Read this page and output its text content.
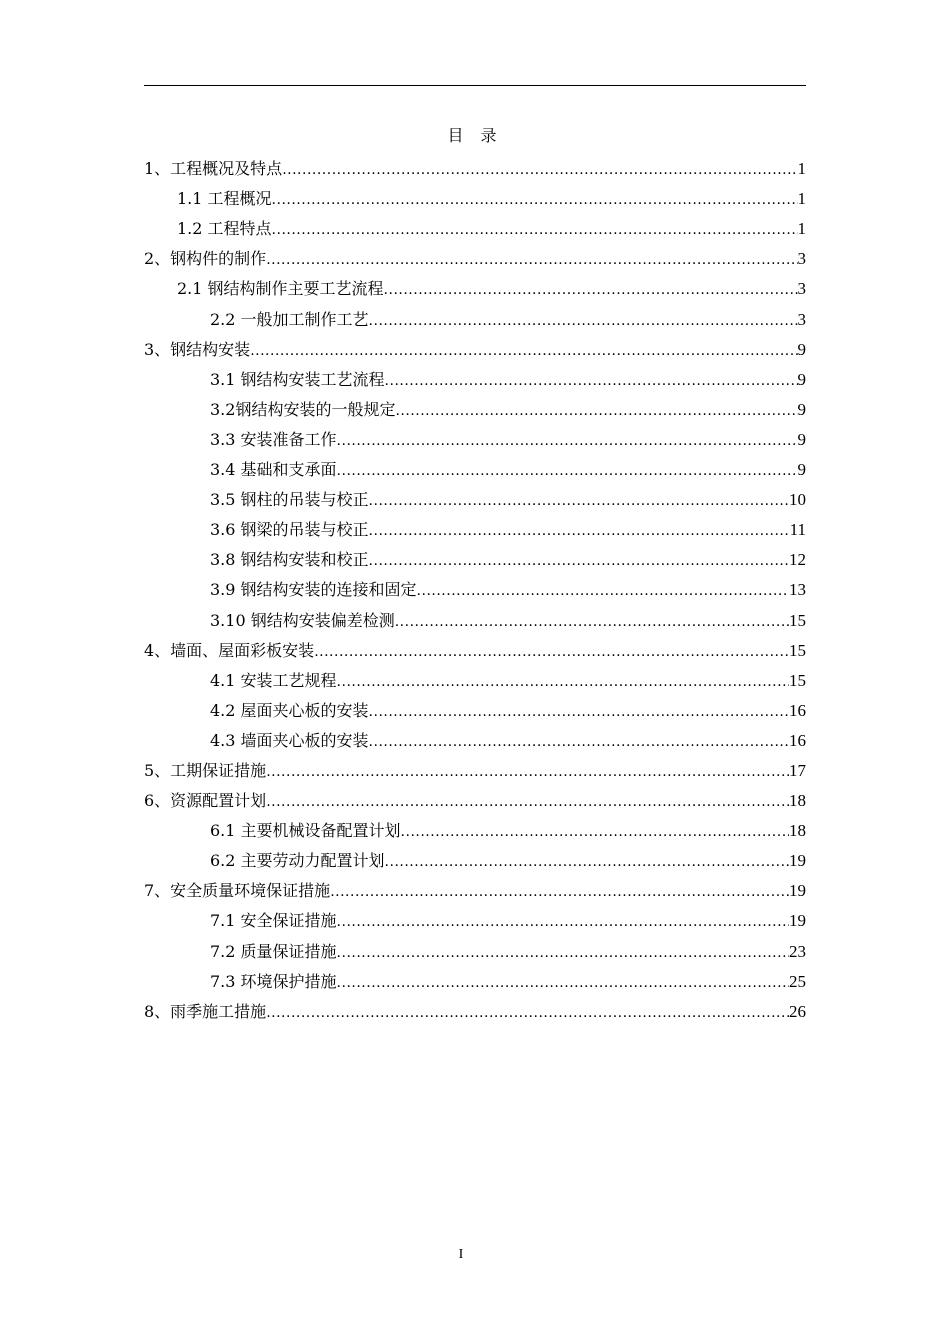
目 录
1、工程概况及特点 .....	1
1.1 工程概况 .....	1
1.2 工程特点 .....	1
2、钢构件的制作 .....	3
2.1 钢结构制作主要工艺流程 .....	3
2.2 一般加工制作工艺 .....	3
3、钢结构安装 .....	9
3.1 钢结构安装工艺流程 .....	9
3.2钢结构安装的一般规定 .....	9
3.3 安装准备工作 .....	9
3.4 基础和支承面 .....	9
3.5 钢柱的吊装与校正 .....	10
3.6 钢梁的吊装与校正 .....	11
3.8 钢结构安装和校正 .....	12
3.9 钢结构安装的连接和固定 .....	13
3.10 钢结构安装偏差检测 .....	15
4、墙面、屋面彩板安装 .....	15
4.1 安装工艺规程 .....	15
4.2 屋面夹心板的安装 .....	16
4.3 墙面夹心板的安装 .....	16
5、工期保证措施 .....	17
6、资源配置计划 .....	18
6.1 主要机械设备配置计划 .....	18
6.2 主要劳动力配置计划 .....	19
7、安全质量环境保证措施 .....	19
7.1 安全保证措施 .....	19
7.2 质量保证措施 .....	23
7.3 环境保护措施 .....	25
8、雨季施工措施 .....	26
I
